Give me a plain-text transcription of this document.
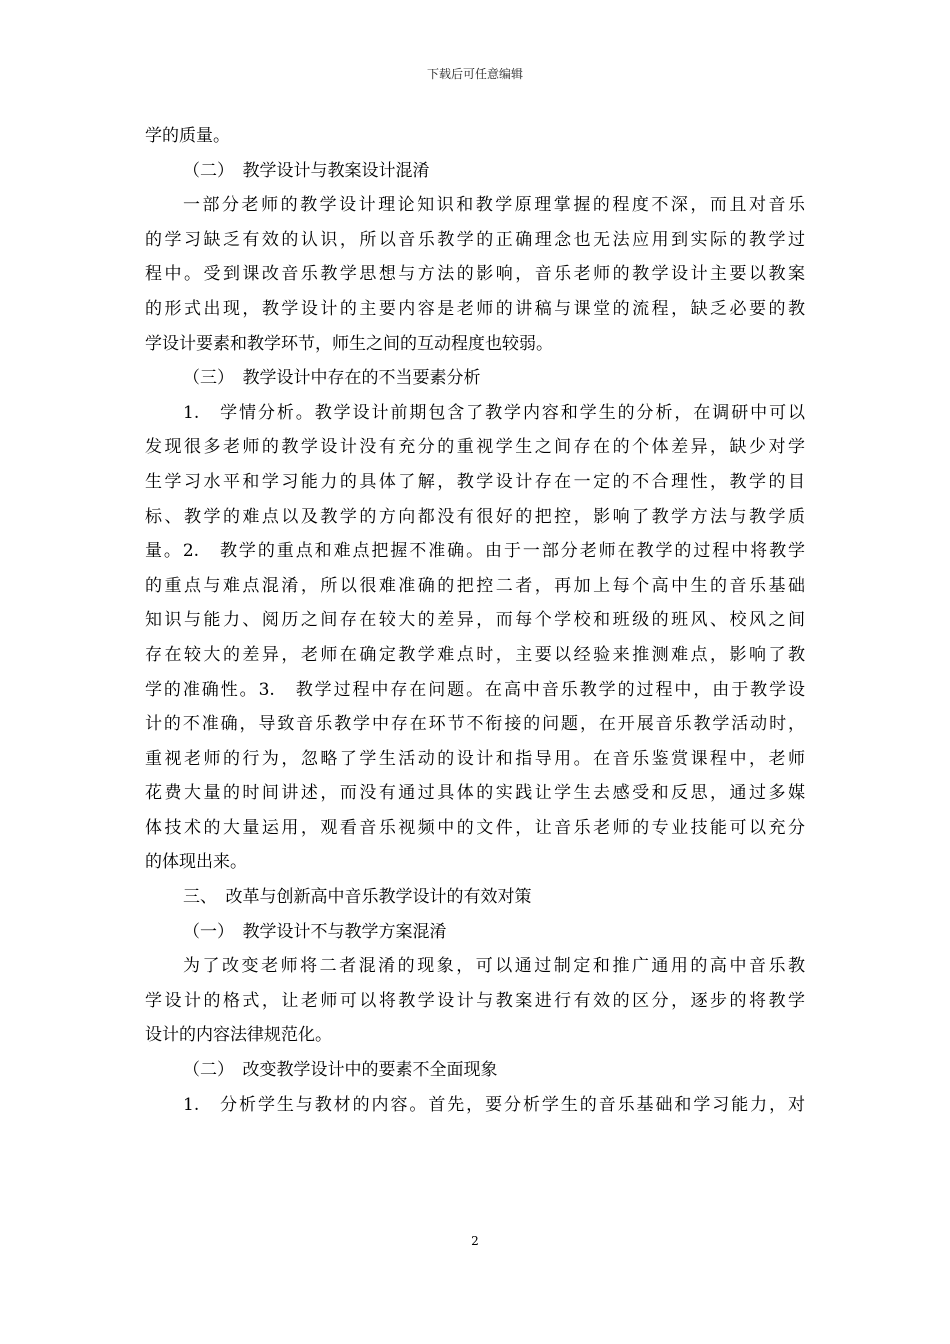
下载后可任意编辑
学的质量。
（二）　教学设计与教案设计混淆
一部分老师的教学设计理论知识和教学原理掌握的程度不深，而且对音乐
的学习缺乏有效的认识，所以音乐教学的正确理念也无法应用到实际的教学过
程中。受到课改音乐教学思想与方法的影响，音乐老师的教学设计主要以教案
的形式出现，教学设计的主要内容是老师的讲稿与课堂的流程，缺乏必要的教
学设计要素和教学环节，师生之间的互动程度也较弱。
（三）　教学设计中存在的不当要素分析
1.　学情分析。教学设计前期包含了教学内容和学生的分析，在调研中可以
发现很多老师的教学设计没有充分的重视学生之间存在的个体差异，缺少对学
生学习水平和学习能力的具体了解，教学设计存在一定的不合理性，教学的目
标、教学的难点以及教学的方向都没有很好的把控，影响了教学方法与教学质
量。2.　教学的重点和难点把握不准确。由于一部分老师在教学的过程中将教学
的重点与难点混淆，所以很难准确的把控二者，再加上每个高中生的音乐基础
知识与能力、阅历之间存在较大的差异，而每个学校和班级的班风、校风之间
存在较大的差异，老师在确定教学难点时，主要以经验来推测难点，影响了教
学的准确性。3.　教学过程中存在问题。在高中音乐教学的过程中，由于教学设
计的不准确，导致音乐教学中存在环节不衔接的问题，在开展音乐教学活动时，
重视老师的行为，忽略了学生活动的设计和指导用。在音乐鉴赏课程中，老师
花费大量的时间讲述，而没有通过具体的实践让学生去感受和反思，通过多媒
体技术的大量运用，观看音乐视频中的文件，让音乐老师的专业技能可以充分
的体现出来。
三、　改革与创新高中音乐教学设计的有效对策
（一）　教学设计不与教学方案混淆
为了改变老师将二者混淆的现象，可以通过制定和推广通用的高中音乐教
学设计的格式，让老师可以将教学设计与教案进行有效的区分，逐步的将教学
设计的内容法律规范化。
（二）　改变教学设计中的要素不全面现象
1.　分析学生与教材的内容。首先，要分析学生的音乐基础和学习能力，对
2
